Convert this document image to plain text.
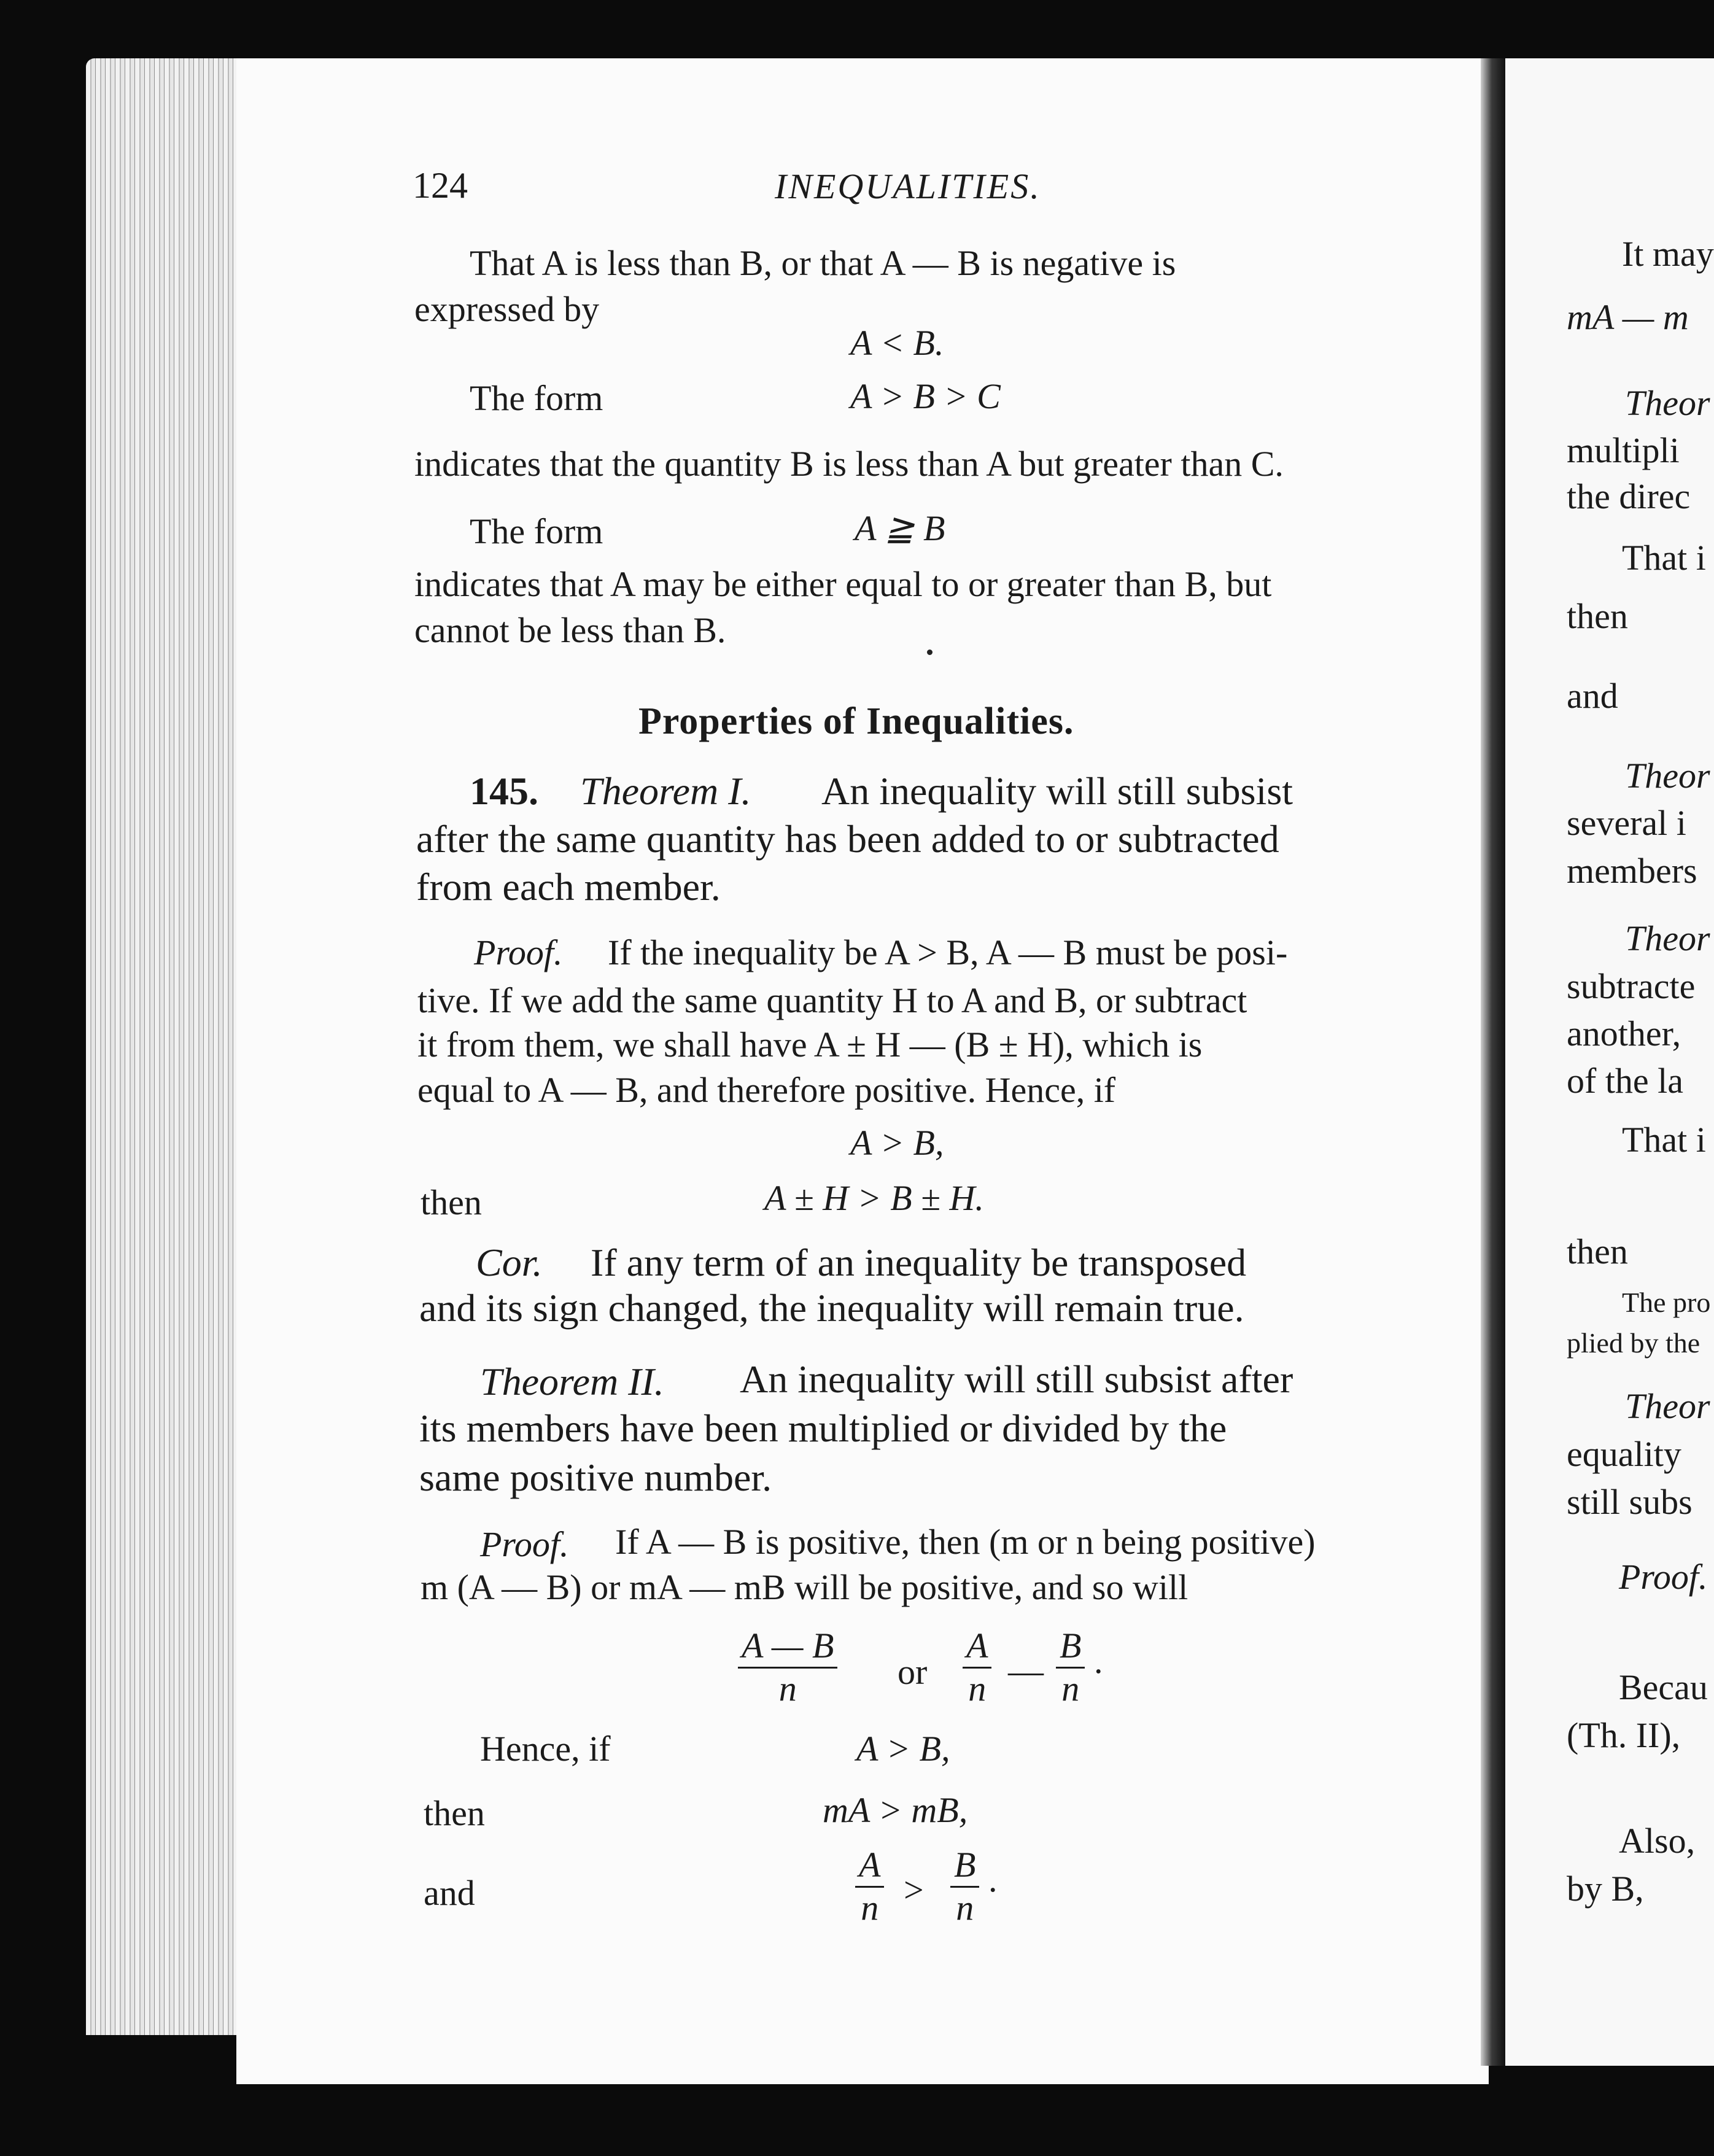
124	INEQUALITIES.
That A is less than B, or that A — B is negative is
expressed by
A < B.
The form	A > B > C
indicates that the quantity B is less than A but greater than C.
The form	A ≧ B
indicates that A may be either equal to or greater than B, but
cannot be less than B.
Properties of Inequalities.
145. Theorem I. An inequality will still subsist
after the same quantity has been added to or subtracted
from each member.
Proof. If the inequality be A > B, A — B must be posi-
tive. If we add the same quantity H to A and B, or subtract
it from them, we shall have A ± H — (B ± H), which is
equal to A — B, and therefore positive. Hence, if
A > B,
then	A ± H > B ± H.
Cor. If any term of an inequality be transposed
and its sign changed, the inequality will remain true.
Theorem II. An inequality will still subsist after
its members have been multiplied or divided by the
same positive number.
Proof. If A — B is positive, then (m or n being positive)
m (A — B) or mA — mB will be positive, and so will
$\frac{A — B}{n}$ or $\frac{A}{n}$ — $\frac{B}{n}$ .
Hence, if	A > B,
then	mA > mB,
and	$\frac{A}{n} > \frac{B}{n}$ .
It may
mA — m
Theor
multipli
the direc
That i
then
and
Theor
several i
members
Theor
subtracte
another,
of the la
That i
then
The pro
plied by the
Theor
equality
still subs
Proof.
Becau
(Th. II),
Also,
by B,
